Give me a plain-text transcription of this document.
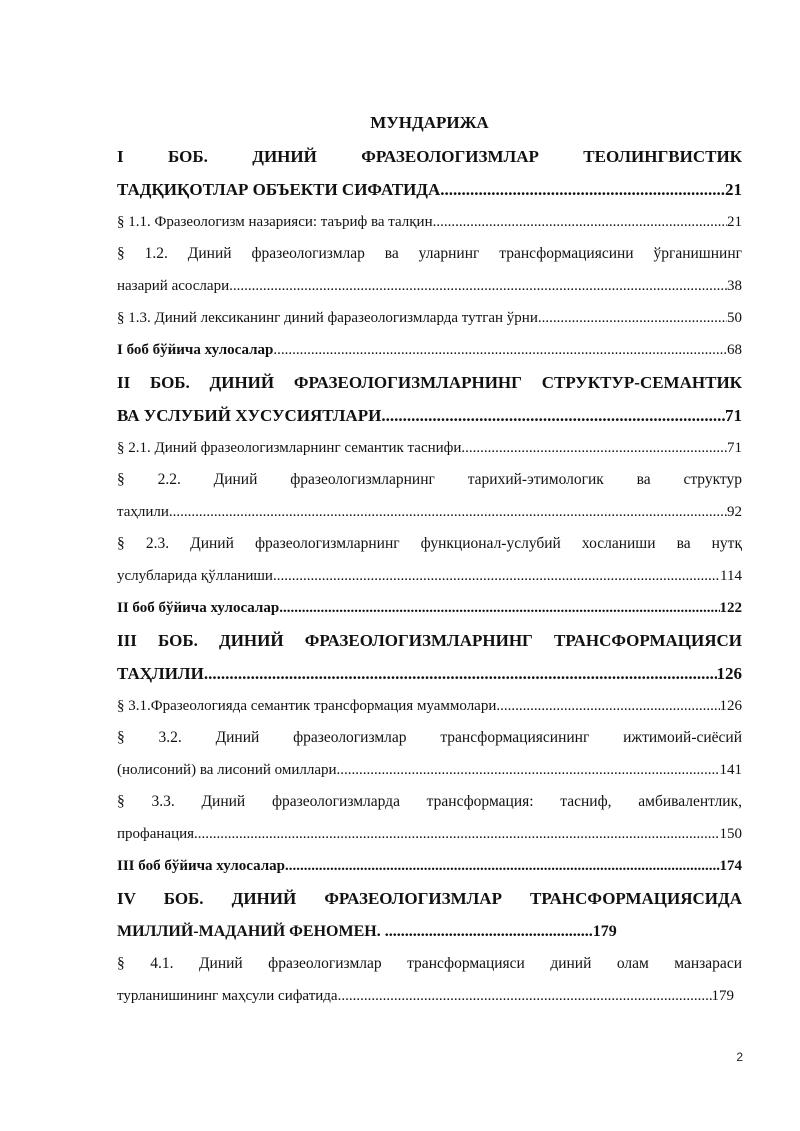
МУНДАРИЖА
І БОБ. ДИНИЙ ФРАЗЕОЛОГИЗМЛАР ТЕОЛИНГВИСТИК
ТАДҚИҚОТЛАР ОБЪЕКТИ СИФАТИДА .....	21
§ 1.1. Фразеологизм назарияси: таъриф ва талқин .....	21
§ 1.2. Диний фразеологизмлар ва уларнинг трансформациясини ўрганишнинг
назарий асослари .....	38
§ 1.3. Диний лексиканинг диний фаразеологизмларда тутган ўрни .....	50
І боб бўйича хулосалар .....	68
ІІ БОБ. ДИНИЙ ФРАЗЕОЛОГИЗМЛАРНИНГ СТРУКТУР-СЕМАНТИК
ВА УСЛУБИЙ ХУСУСИЯТЛАРИ .....	71
§ 2.1. Диний фразеологизмларнинг семантик таснифи .....	71
§ 2.2. Диний фразеологизмларнинг тарихий-этимологик ва структур
таҳлили .....	92
§ 2.3. Диний фразеологизмларнинг функционал-услубий хосланиши ва нутқ
услубларида қўлланиши .....	114
ІІ боб бўйича хулосалар .....	122
ІІІ БОБ. ДИНИЙ ФРАЗЕОЛОГИЗМЛАРНИНГ ТРАНСФОРМАЦИЯСИ
ТАҲЛИЛИ .....	126
§ 3.1.Фразеологияда семантик трансформация муаммолари .....	126
§ 3.2. Диний фразеологизмлар трансформациясининг ижтимоий-сиёсий
(нолисоний) ва лисоний омиллари .....	141
§ 3.3. Диний фразеологизмларда трансформация: тасниф, амбивалентлик,
профанация .....	150
ІІІ боб бўйича хулосалар .....	174
IV БОБ. ДИНИЙ ФРАЗЕОЛОГИЗМЛАР ТРАНСФОРМАЦИЯСИДА
МИЛЛИЙ-МАДАНИЙ ФЕНОМЕН. ....................................................179
§ 4.1. Диний фразеологизмлар трансформацияси диний олам манзараси
турланишининг маҳсули сифатида .....	179
2
